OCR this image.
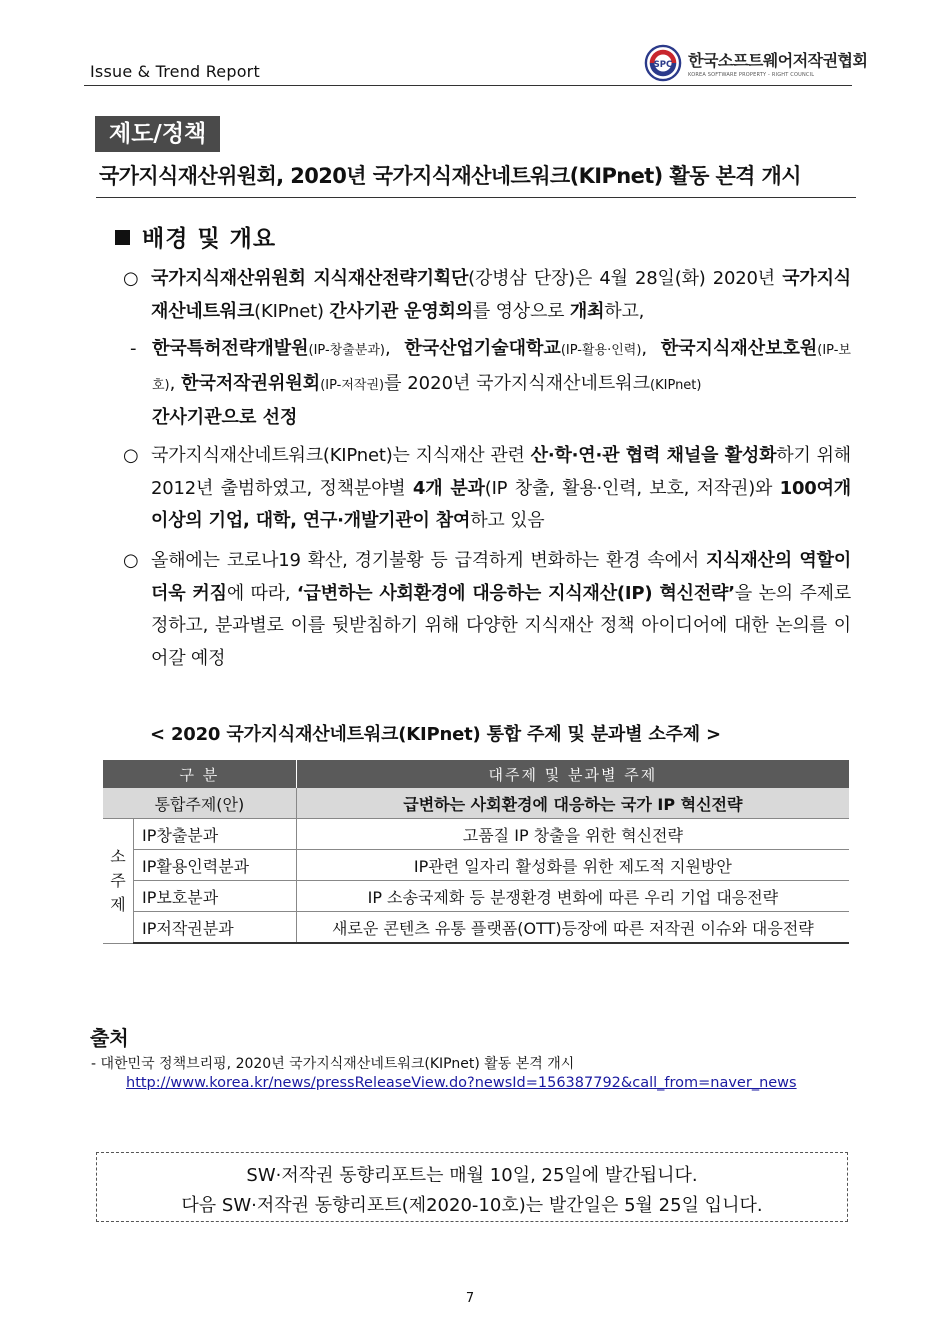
Issue & Trend Report	SPC 한국소프트웨어저작권협회
KOREA SOFTWARE PROPERTY - RIGHT COUNCIL
제도/정책
국가지식재산위원회, 2020년 국가지식재산네트워크(KIPnet) 활동 본격 개시
배경 및 개요
○ 국가지식재산위원회 지식재산전략기획단(강병삼 단장)은 4월 28일(화) 2020년 국가지식재산네트워크(KIPnet) 간사기관 운영회의를 영상으로 개최하고,
- 한국특허전략개발원(IP-창출분과), 한국산업기술대학교(IP-활용·인력), 한국지식재산보호원(IP-보호), 한국저작권위원회(IP-저작권)를 2020년 국가지식재산네트워크(KIPnet)
간사기관으로 선정
○ 국가지식재산네트워크(KIPnet)는 지식재산 관련 산·학·연·관 협력 채널을 활성화하기 위해 2012년 출범하였고, 정책분야별 4개 분과(IP 창출, 활용·인력, 보호, 저작권)와 100여개 이상의 기업, 대학, 연구·개발기관이 참여하고 있음
○ 올해에는 코로나19 확산, 경기불황 등 급격하게 변화하는 환경 속에서 지식재산의 역할이 더욱 커짐에 따라, ‘급변하는 사회환경에 대응하는 지식재산(IP) 혁신전략’을 논의 주제로 정하고, 분과별로 이를 뒷받침하기 위해 다양한 지식재산 정책 아이디어에 대한 논의를 이어갈 예정
< 2020 국가지식재산네트워크(KIPnet) 통합 주제 및 분과별 소주제 >
구 분		대주제 및 분과별 주제
통합주제(안)		급변하는 사회환경에 대응하는 국가 IP 혁신전략
소
주
제	IP창출분과	고품질 IP 창출을 위한 혁신전략
	IP활용인력분과	IP관련 일자리 활성화를 위한 제도적 지원방안
	IP보호분과	IP 소송국제화 등 분쟁환경 변화에 따른 우리 기업 대응전략
	IP저작권분과	새로운 콘텐츠 유통 플랫폼(OTT)등장에 따른 저작권 이슈와 대응전략
출처
- 대한민국 정책브리핑, 2020년 국가지식재산네트워크(KIPnet) 활동 본격 개시
http://www.korea.kr/news/pressReleaseView.do?newsId=156387792&call_from=naver_news
SW·저작권 동향리포트는 매월 10일, 25일에 발간됩니다.
다음 SW·저작권 동향리포트(제2020-10호)는 발간일은 5월 25일 입니다.
7
